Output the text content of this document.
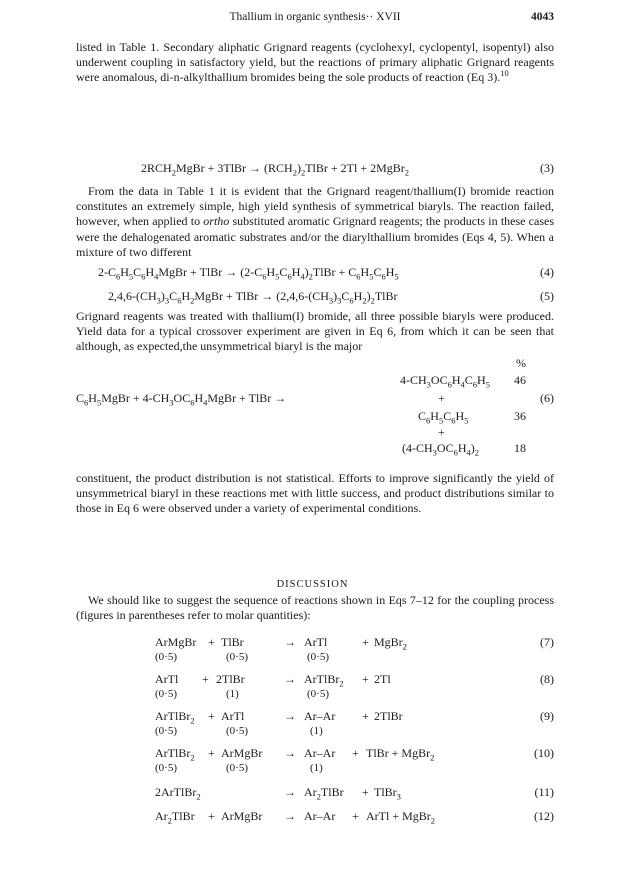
Thallium in organic synthesis·· XVII	4043

listed in Table 1. Secondary aliphatic Grignard reagents (cyclohexyl, cyclopentyl, isopentyl) also underwent coupling in satisfactory yield, but the reactions of primary aliphatic Grignard reagents were anomalous, di-n-alkylthallium bromides being the sole products of reaction (Eq 3).$^{10}$

$2RCH_2MgBr$ + 3TlBr → $(RCH_2)_2TlBr + 2Tl$ + 2MgBr$_2$	(3)

From the data in Table 1 it is evident that the Grignard reagent/thallium(I) bromide reaction constitutes an extremely simple, high yield synthesis of symmetrical biaryls. The reaction failed, however, when applied to ortho substituted aromatic Grignard reagents; the products in these cases were the dehalogenated aromatic substrates and/or the diarylthallium bromides (Eqs 4, 5). When a mixture of two different

$2-C_6H_5C_6H_4MgBr$ + TlBr → $(2-C_6H_5C_6H_4)_2TlBr + C_6H_5C_6H_5$	(4)
$2,4,6-(CH_3)_3C_6H_2MgBr$ + TlBr → $(2,4,6-(CH_3)_3C_6H_2)_2TlBr$	(5)

Grignard reagents was treated with thallium(I) bromide, all three possible biaryls were produced. Yield data for a typical crossover experiment are given in Eq 6, from which it can be seen that although, as expected,the unsymmetrical biaryl is the major

%
$4-CH_3OC_6H_4C_6H_5$ 46
$C_6H_5MgBr$ + $4-CH_3OC_6H_4MgBr$ + TlBr →	+	(6)
$C_6H_5C_6H_5$	36
+
$(4-CH_3OC_6H_4)_2$	18

constituent, the product distribution is not statistical. Efforts to improve significantly the yield of unsymmetrical biaryl in these reactions met with little success, and product distributions similar to those in Eq 6 were observed under a variety of experimental conditions.

DISCUSSION

We should like to suggest the sequence of reactions shown in Eqs 7–12 for the coupling process (figures in parentheses refer to molar quantities):

ArMgBr + TlBr	→ ArTl	+ MgBr$_2$	(7)
(0·5)	(0·5)	(0·5)
ArTl + 2TlBr	→ ArTlBr$_2$ + 2Tl	(8)
(0·5)	(1)	(0·5)
ArTlBr$_2$ + ArTl	→ Ar–Ar + 2TlBr	(9)
(0·5)	(0·5)	(1)
ArTlBr$_2$ + ArMgBr → Ar–Ar + TlBr + MgBr$_2$	(10)
(0·5)	(0·5)	(1)
2ArTlBr$_2$	→ $Ar_2TlBr$ + TlBr$_3$	(11)
$Ar_2TlBr$ + ArMgBr → Ar–Ar + ArTl + MgBr$_2$	(12)
